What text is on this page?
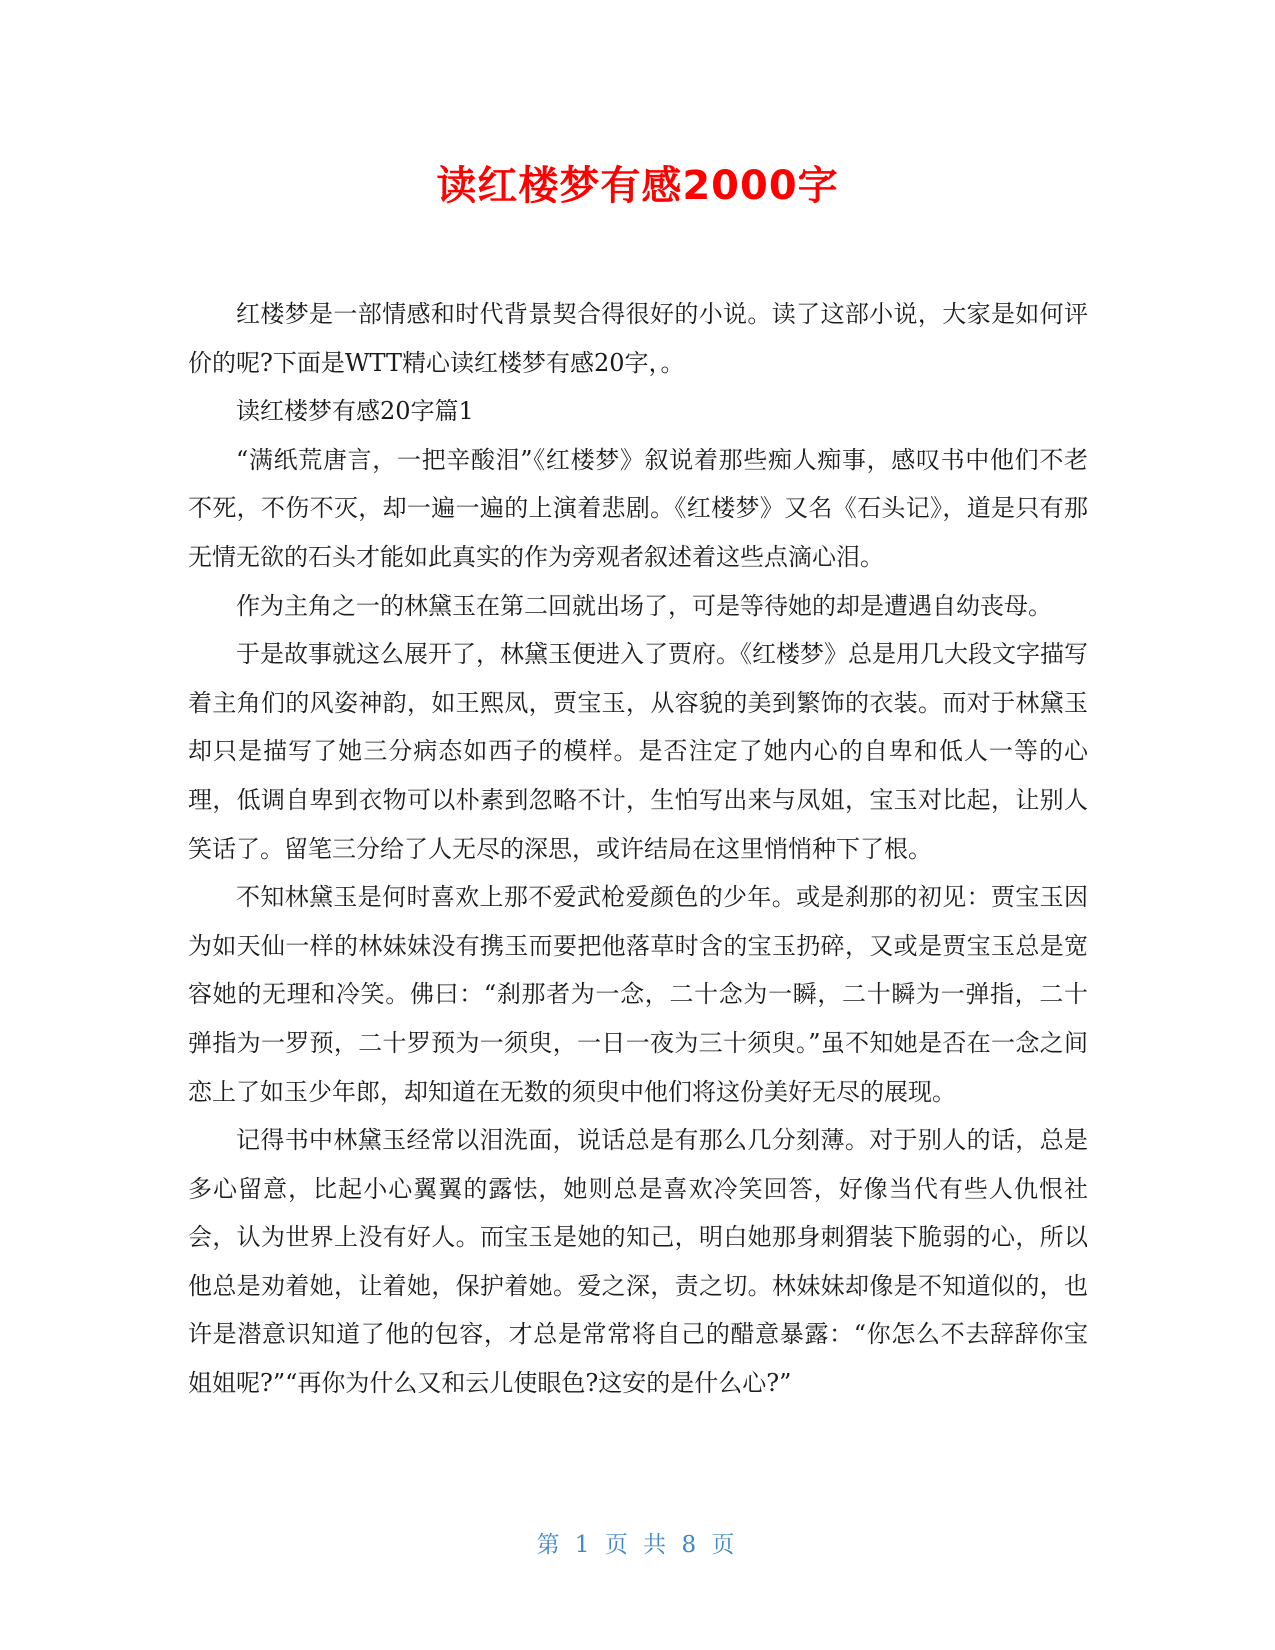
读红楼梦有感2000字

红楼梦是一部情感和时代背景契合得很好的小说。读了这部小说，大家是如何评价的呢?下面是WTT精心读红楼梦有感20字，。

读红楼梦有感20字篇1

“满纸荒唐言，一把辛酸泪”《红楼梦》叙说着那些痴人痴事，感叹书中他们不老不死，不伤不灭，却一遍一遍的上演着悲剧。《红楼梦》又名《石头记》，道是只有那无情无欲的石头才能如此真实的作为旁观者叙述着这些点滴心泪。

作为主角之一的林黛玉在第二回就出场了，可是等待她的却是遭遇自幼丧母。

于是故事就这么展开了，林黛玉便进入了贾府。《红楼梦》总是用几大段文字描写着主角们的风姿神韵，如王熙凤，贾宝玉，从容貌的美到繁饰的衣装。而对于林黛玉却只是描写了她三分病态如西子的模样。是否注定了她内心的自卑和低人一等的心理，低调自卑到衣物可以朴素到忽略不计，生怕写出来与凤姐，宝玉对比起，让别人笑话了。留笔三分给了人无尽的深思，或许结局在这里悄悄种下了根。

不知林黛玉是何时喜欢上那不爱武枪爱颜色的少年。或是刹那的初见：贾宝玉因为如天仙一样的林妹妹没有携玉而要把他落草时含的宝玉扔碎，又或是贾宝玉总是宽容她的无理和冷笑。佛曰：“刹那者为一念，二十念为一瞬，二十瞬为一弹指，二十弹指为一罗预，二十罗预为一须臾，一日一夜为三十须臾。”虽不知她是否在一念之间恋上了如玉少年郎，却知道在无数的须臾中他们将这份美好无尽的展现。

记得书中林黛玉经常以泪洗面，说话总是有那么几分刻薄。对于别人的话，总是多心留意，比起小心翼翼的露怯，她则总是喜欢冷笑回答，好像当代有些人仇恨社会，认为世界上没有好人。而宝玉是她的知己，明白她那身刺猬装下脆弱的心，所以他总是劝着她，让着她，保护着她。爱之深，责之切。林妹妹却像是不知道似的，也许是潜意识知道了他的包容，才总是常常将自己的醋意暴露：“你怎么不去辞辞你宝姐姐呢?”“再你为什么又和云儿使眼色?这安的是什么心?”

第 1 页 共 8 页
